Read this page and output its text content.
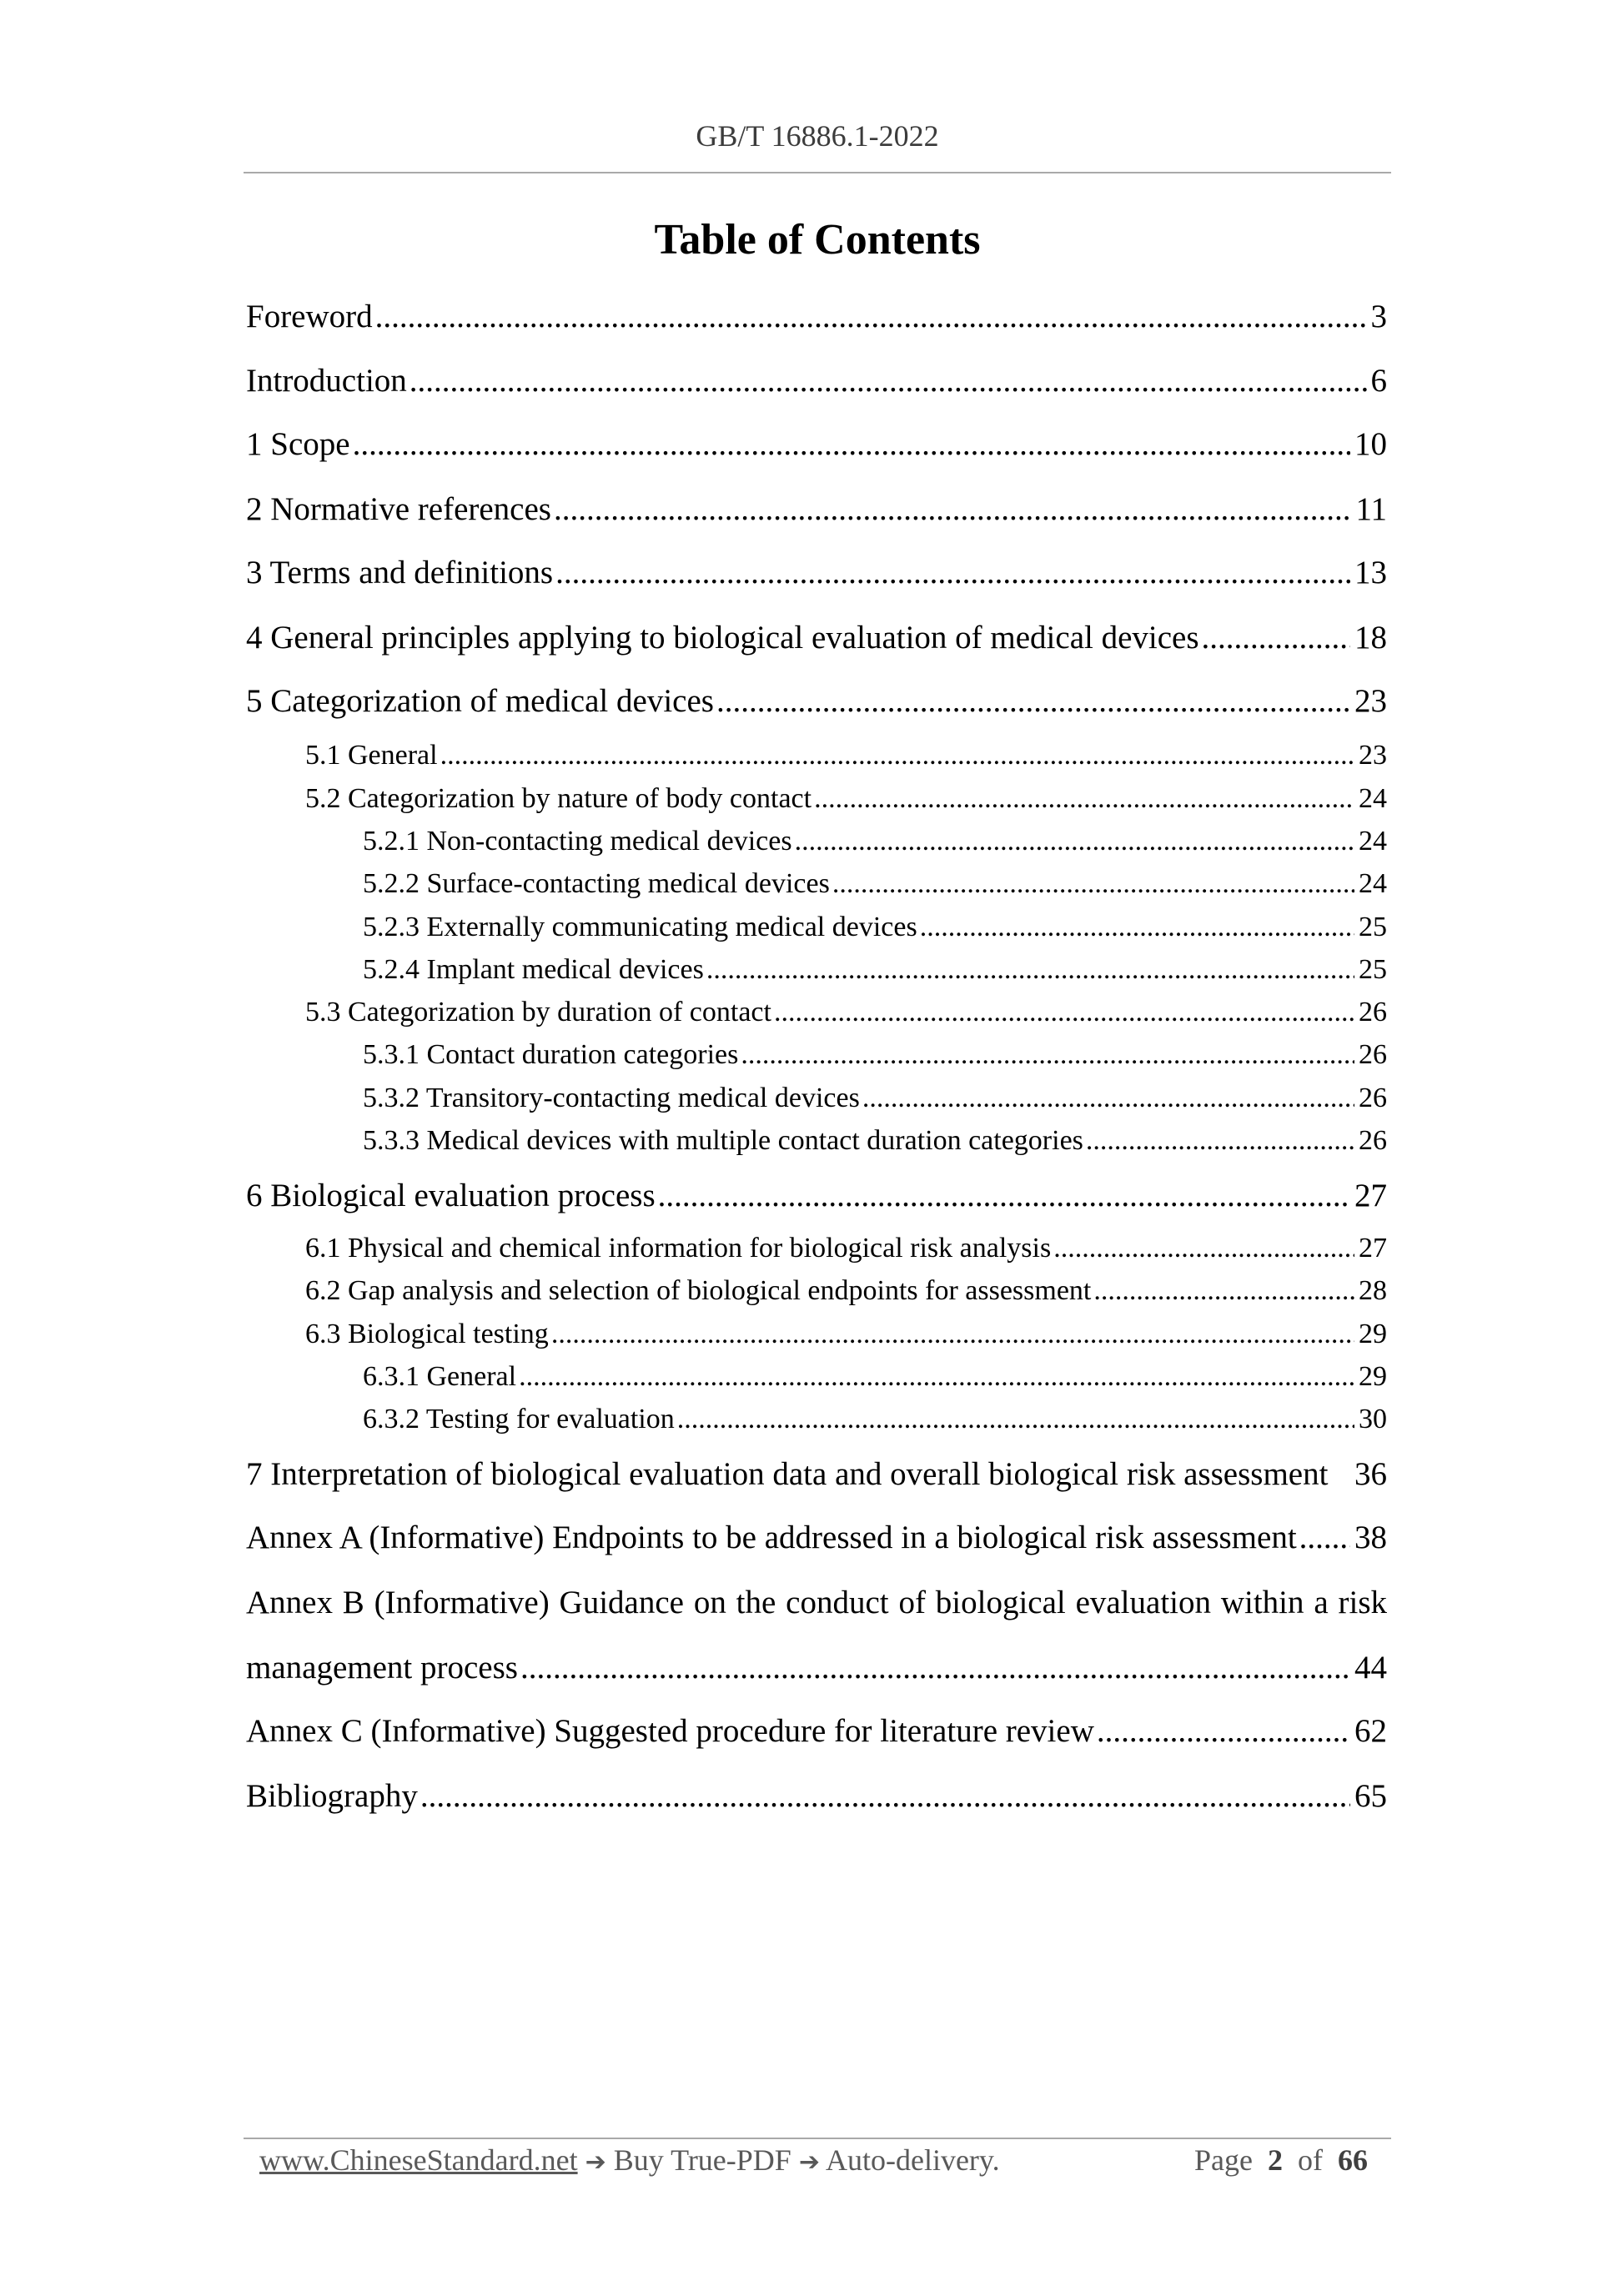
GB/T 16886.1-2022
Table of Contents
Foreword .....	3
Introduction .....	6
1 Scope .....	10
2 Normative references .....	11
3 Terms and definitions .....	13
4 General principles applying to biological evaluation of medical devices .....	18
5 Categorization of medical devices .....	23
5.1 General .....	23
5.2 Categorization by nature of body contact .....	24
5.2.1 Non-contacting medical devices .....	24
5.2.2 Surface-contacting medical devices .....	24
5.2.3 Externally communicating medical devices .....	25
5.2.4 Implant medical devices .....	25
5.3 Categorization by duration of contact .....	26
5.3.1 Contact duration categories .....	26
5.3.2 Transitory-contacting medical devices .....	26
5.3.3 Medical devices with multiple contact duration categories .....	26
6 Biological evaluation process .....	27
6.1 Physical and chemical information for biological risk analysis .....	27
6.2 Gap analysis and selection of biological endpoints for assessment .....	28
6.3 Biological testing .....	29
6.3.1 General .....	29
6.3.2 Testing for evaluation .....	30
7 Interpretation of biological evaluation data and overall biological risk assessment 36
Annex A (Informative) Endpoints to be addressed in a biological risk assessment ..... 38
Annex B (Informative) Guidance on the conduct of biological evaluation within a risk
management process .....	44
Annex C (Informative) Suggested procedure for literature review .....	62
Bibliography .....	65
www.ChineseStandard.net ➔ Buy True-PDF ➔ Auto-delivery.	Page 2 of 66
